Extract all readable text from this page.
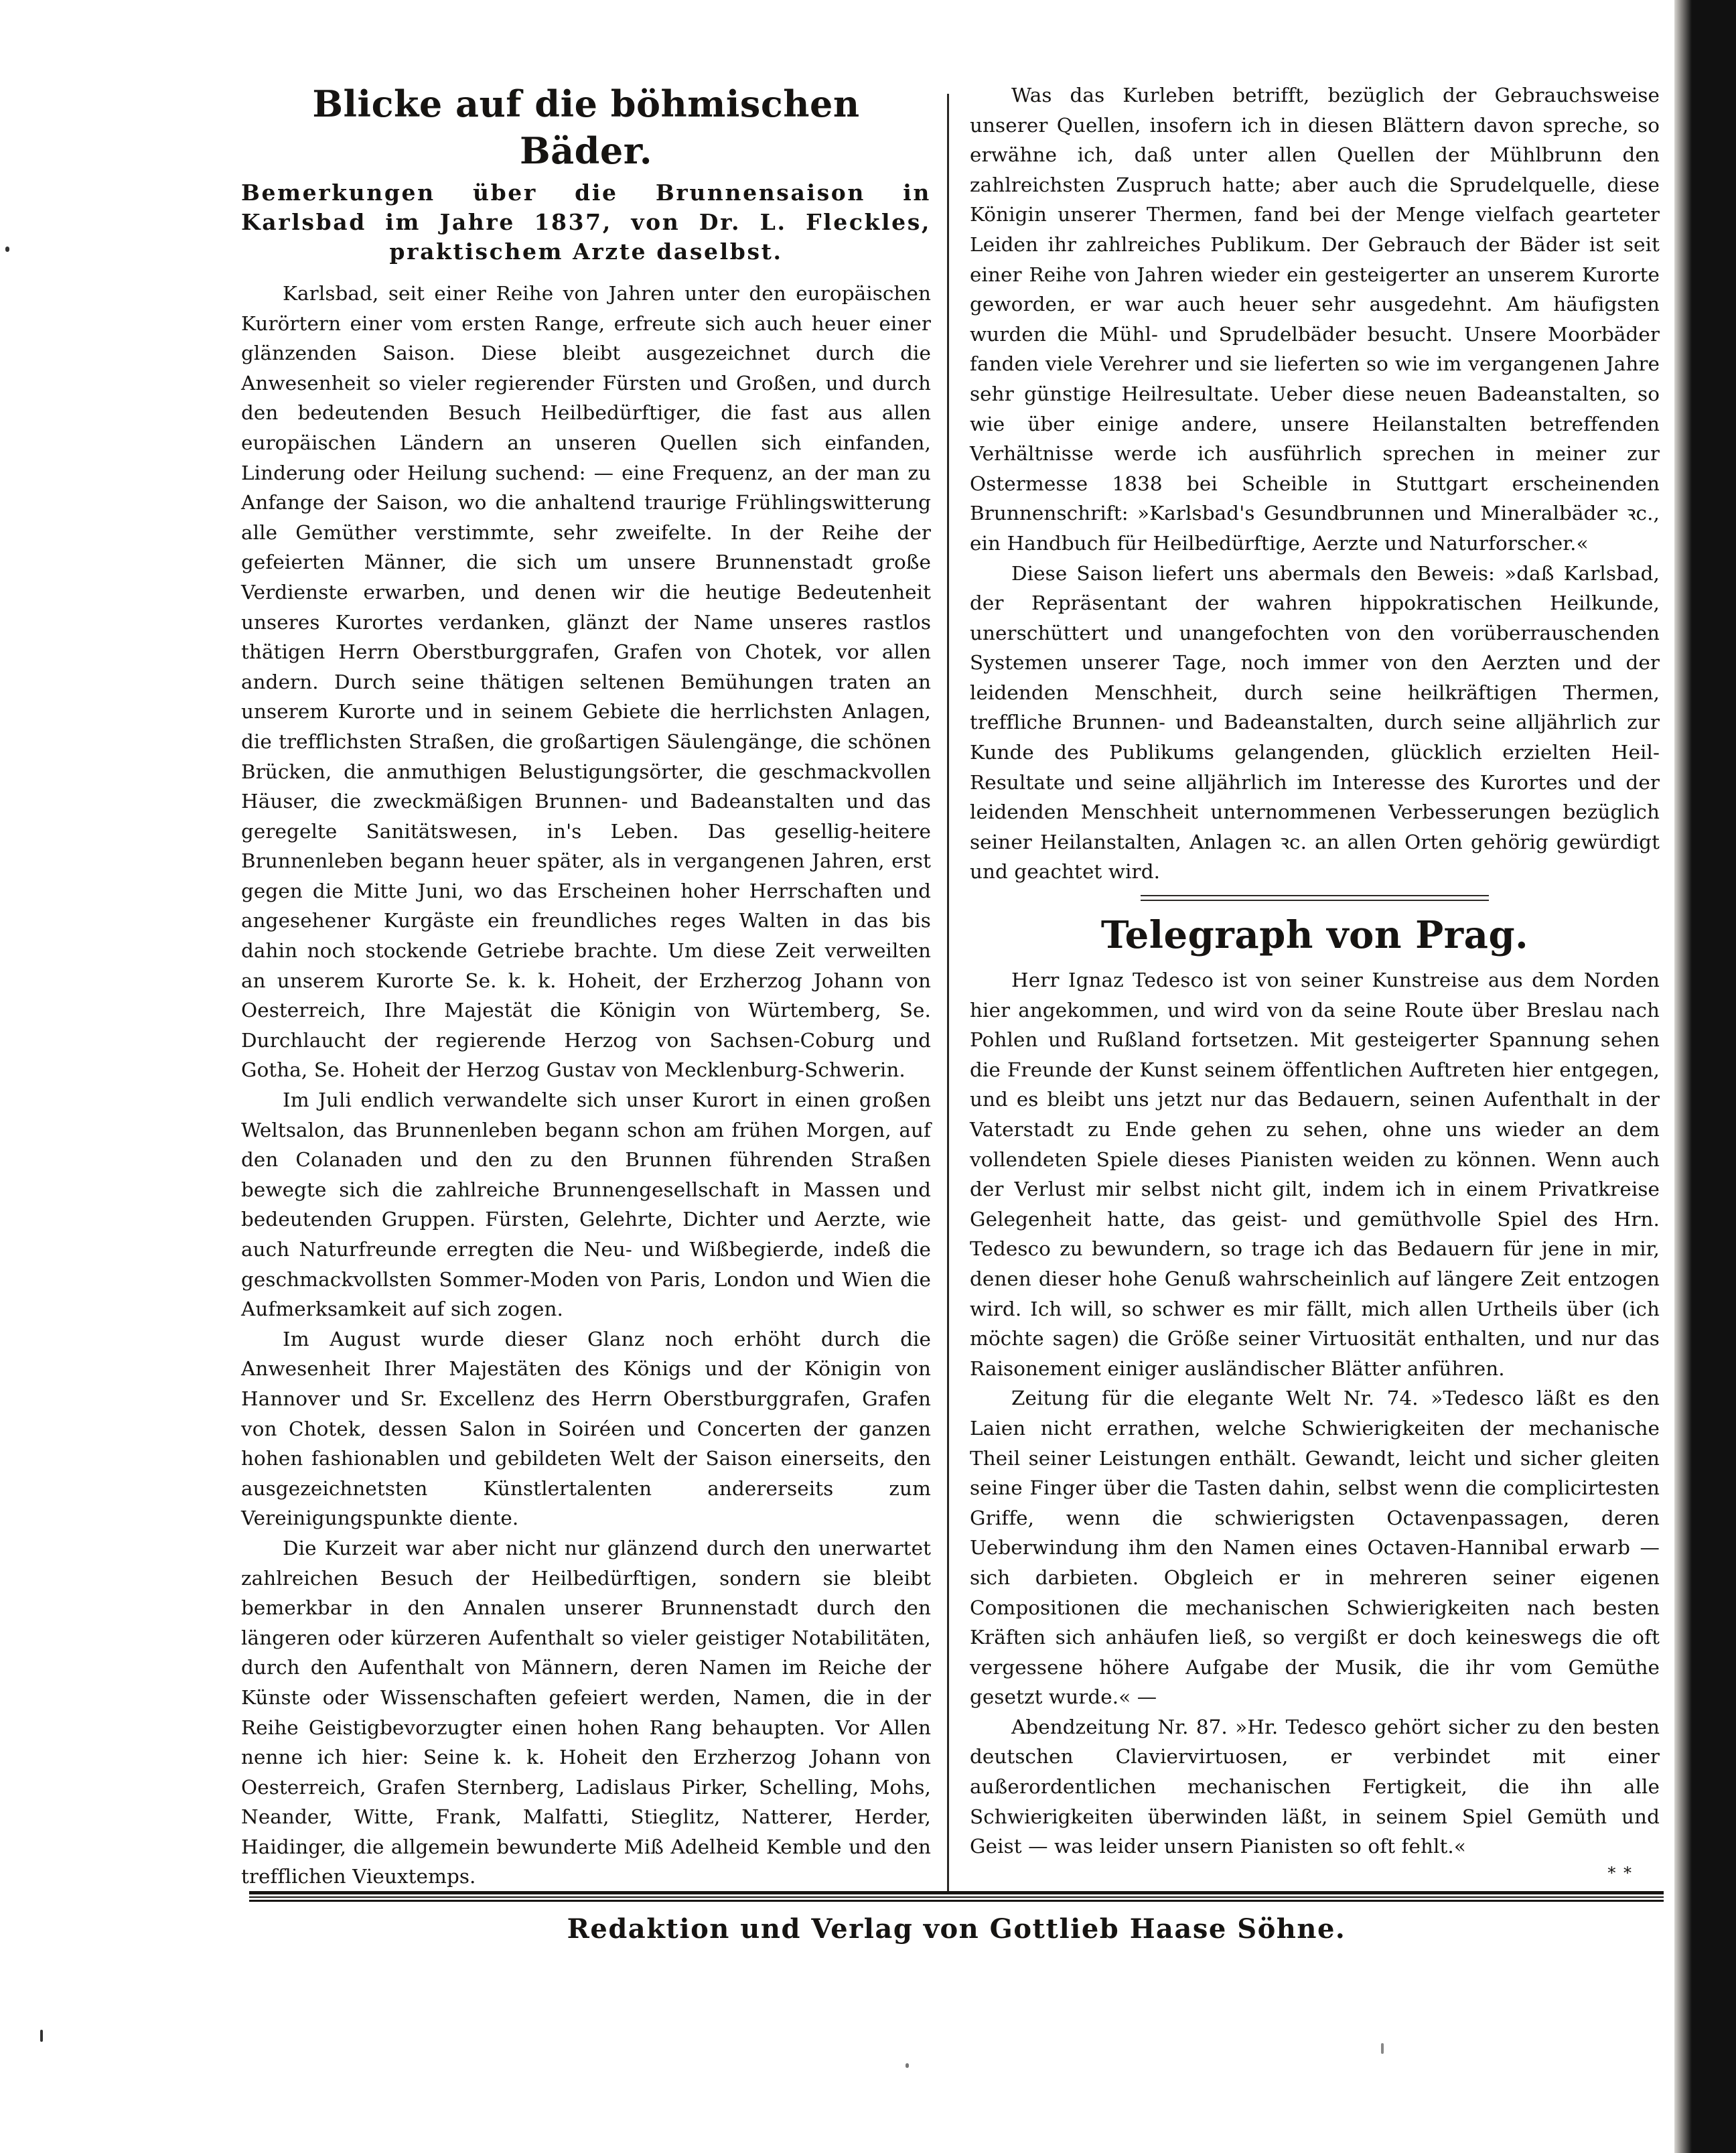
Blicke auf die böhmischen Bäder.
Bemerkungen über die Brunnensaison in Karlsbad im Jahre 1837, von Dr. L. Fleckles, praktischem Arzte daselbst.

Karlsbad, seit einer Reihe von Jahren unter den europäischen Kurörtern einer vom ersten Range, erfreute sich auch heuer einer glänzenden Saison. Diese bleibt ausgezeichnet durch die Anwesenheit so vieler regierender Fürsten und Großen, und durch den bedeutenden Besuch Heilbedürftiger, die fast aus allen europäischen Ländern an unseren Quellen sich einfanden, Linderung oder Heilung suchend: — eine Frequenz, an der man zu Anfange der Saison, wo die anhaltend traurige Frühlingswitterung alle Gemüther verstimmte, sehr zweifelte. In der Reihe der gefeierten Männer, die sich um unsere Brunnenstadt große Verdienste erwarben, und denen wir die heutige Bedeutenheit unseres Kurortes verdanken, glänzt der Name unseres rastlos thätigen Herrn Oberstburggrafen, Grafen von Chotek, vor allen andern. Durch seine thätigen seltenen Bemühungen traten an unserem Kurorte und in seinem Gebiete die herrlichsten Anlagen, die trefflichsten Straßen, die großartigen Säulengänge, die schönen Brücken, die anmuthigen Belustigungsörter, die geschmackvollen Häuser, die zweckmäßigen Brunnen- und Badeanstalten und das geregelte Sanitätswesen, in's Leben. Das gesellig-heitere Brunnenleben begann heuer später, als in vergangenen Jahren, erst gegen die Mitte Juni, wo das Erscheinen hoher Herrschaften und angesehener Kurgäste ein freundliches reges Walten in das bis dahin noch stockende Getriebe brachte. Um diese Zeit verweilten an unserem Kurorte Se. k. k. Hoheit, der Erzherzog Johann von Oesterreich, Ihre Majestät die Königin von Würtemberg, Se. Durchlaucht der regierende Herzog von Sachsen-Coburg und Gotha, Se. Hoheit der Herzog Gustav von Mecklenburg-Schwerin.

Im Juli endlich verwandelte sich unser Kurort in einen großen Weltsalon, das Brunnenleben begann schon am frühen Morgen, auf den Colanaden und den zu den Brunnen führenden Straßen bewegte sich die zahlreiche Brunnengesellschaft in Massen und bedeutenden Gruppen. Fürsten, Gelehrte, Dichter und Aerzte, wie auch Naturfreunde erregten die Neu- und Wißbegierde, indeß die geschmackvollsten Sommer-Moden von Paris, London und Wien die Aufmerksamkeit auf sich zogen.

Im August wurde dieser Glanz noch erhöht durch die Anwesenheit Ihrer Majestäten des Königs und der Königin von Hannover und Sr. Excellenz des Herrn Oberstburggrafen, Grafen von Chotek, dessen Salon in Soiréen und Concerten der ganzen hohen fashionablen und gebildeten Welt der Saison einerseits, den ausgezeichnetsten Künstlertalenten andererseits zum Vereinigungspunkte diente.

Die Kurzeit war aber nicht nur glänzend durch den unerwartet zahlreichen Besuch der Heilbedürftigen, sondern sie bleibt bemerkbar in den Annalen unserer Brunnenstadt durch den längeren oder kürzeren Aufenthalt so vieler geistiger Notabilitäten, durch den Aufenthalt von Männern, deren Namen im Reiche der Künste oder Wissenschaften gefeiert werden, Namen, die in der Reihe Geistigbevorzugter einen hohen Rang behaupten. Vor Allen nenne ich hier: Seine k. k. Hoheit den Erzherzog Johann von Oesterreich, Grafen Sternberg, Ladislaus Pirker, Schelling, Mohs, Neander, Witte, Frank, Malfatti, Stieglitz, Natterer, Herder, Haidinger, die allgemein bewunderte Miß Adelheid Kemble und den trefflichen Vieuxtemps.

Was das Kurleben betrifft, bezüglich der Gebrauchsweise unserer Quellen, insofern ich in diesen Blättern davon spreche, so erwähne ich, daß unter allen Quellen der Mühlbrunn den zahlreichsten Zuspruch hatte; aber auch die Sprudelquelle, diese Königin unserer Thermen, fand bei der Menge vielfach gearteter Leiden ihr zahlreiches Publikum. Der Gebrauch der Bäder ist seit einer Reihe von Jahren wieder ein gesteigerter an unserem Kurorte geworden, er war auch heuer sehr ausgedehnt. Am häufigsten wurden die Mühl- und Sprudelbäder besucht. Unsere Moorbäder fanden viele Verehrer und sie lieferten so wie im vergangenen Jahre sehr günstige Heilresultate. Ueber diese neuen Badeanstalten, so wie über einige andere, unsere Heilanstalten betreffenden Verhältnisse werde ich ausführlich sprechen in meiner zur Ostermesse 1838 bei Scheible in Stuttgart erscheinenden Brunnenschrift: »Karlsbad's Gesundbrunnen und Mineralbäder ꝛc., ein Handbuch für Heilbedürftige, Aerzte und Naturforscher.«

Diese Saison liefert uns abermals den Beweis: »daß Karlsbad, der Repräsentant der wahren hippokratischen Heilkunde, unerschüttert und unangefochten von den vorüberrauschenden Systemen unserer Tage, noch immer von den Aerzten und der leidenden Menschheit, durch seine heilkräftigen Thermen, treffliche Brunnen- und Badeanstalten, durch seine alljährlich zur Kunde des Publikums gelangenden, glücklich erzielten Heil-Resultate und seine alljährlich im Interesse des Kurortes und der leidenden Menschheit unternommenen Verbesserungen bezüglich seiner Heilanstalten, Anlagen ꝛc. an allen Orten gehörig gewürdigt und geachtet wird.

Telegraph von Prag.

Herr Ignaz Tedesco ist von seiner Kunstreise aus dem Norden hier angekommen, und wird von da seine Route über Breslau nach Pohlen und Rußland fortsetzen. Mit gesteigerter Spannung sehen die Freunde der Kunst seinem öffentlichen Auftreten hier entgegen, und es bleibt uns jetzt nur das Bedauern, seinen Aufenthalt in der Vaterstadt zu Ende gehen zu sehen, ohne uns wieder an dem vollendeten Spiele dieses Pianisten weiden zu können. Wenn auch der Verlust mir selbst nicht gilt, indem ich in einem Privatkreise Gelegenheit hatte, das geist- und gemüthvolle Spiel des Hrn. Tedesco zu bewundern, so trage ich das Bedauern für jene in mir, denen dieser hohe Genuß wahrscheinlich auf längere Zeit entzogen wird. Ich will, so schwer es mir fällt, mich allen Urtheils über (ich möchte sagen) die Größe seiner Virtuosität enthalten, und nur das Raisonement einiger ausländischer Blätter anführen.

Zeitung für die elegante Welt Nr. 74. »Tedesco läßt es den Laien nicht errathen, welche Schwierigkeiten der mechanische Theil seiner Leistungen enthält. Gewandt, leicht und sicher gleiten seine Finger über die Tasten dahin, selbst wenn die complicirtesten Griffe, wenn die schwierigsten Octavenpassagen, deren Ueberwindung ihm den Namen eines Octaven-Hannibal erwarb — sich darbieten. Obgleich er in mehreren seiner eigenen Compositionen die mechanischen Schwierigkeiten nach besten Kräften sich anhäufen ließ, so vergißt er doch keineswegs die oft vergessene höhere Aufgabe der Musik, die ihr vom Gemüthe gesetzt wurde.« —

Abendzeitung Nr. 87. »Hr. Tedesco gehört sicher zu den besten deutschen Claviervirtuosen, er verbindet mit einer außerordentlichen mechanischen Fertigkeit, die ihn alle Schwierigkeiten überwinden läßt, in seinem Spiel Gemüth und Geist — was leider unsern Pianisten so oft fehlt.«

* *
Redaktion und Verlag von Gottlieb Haase Söhne.
